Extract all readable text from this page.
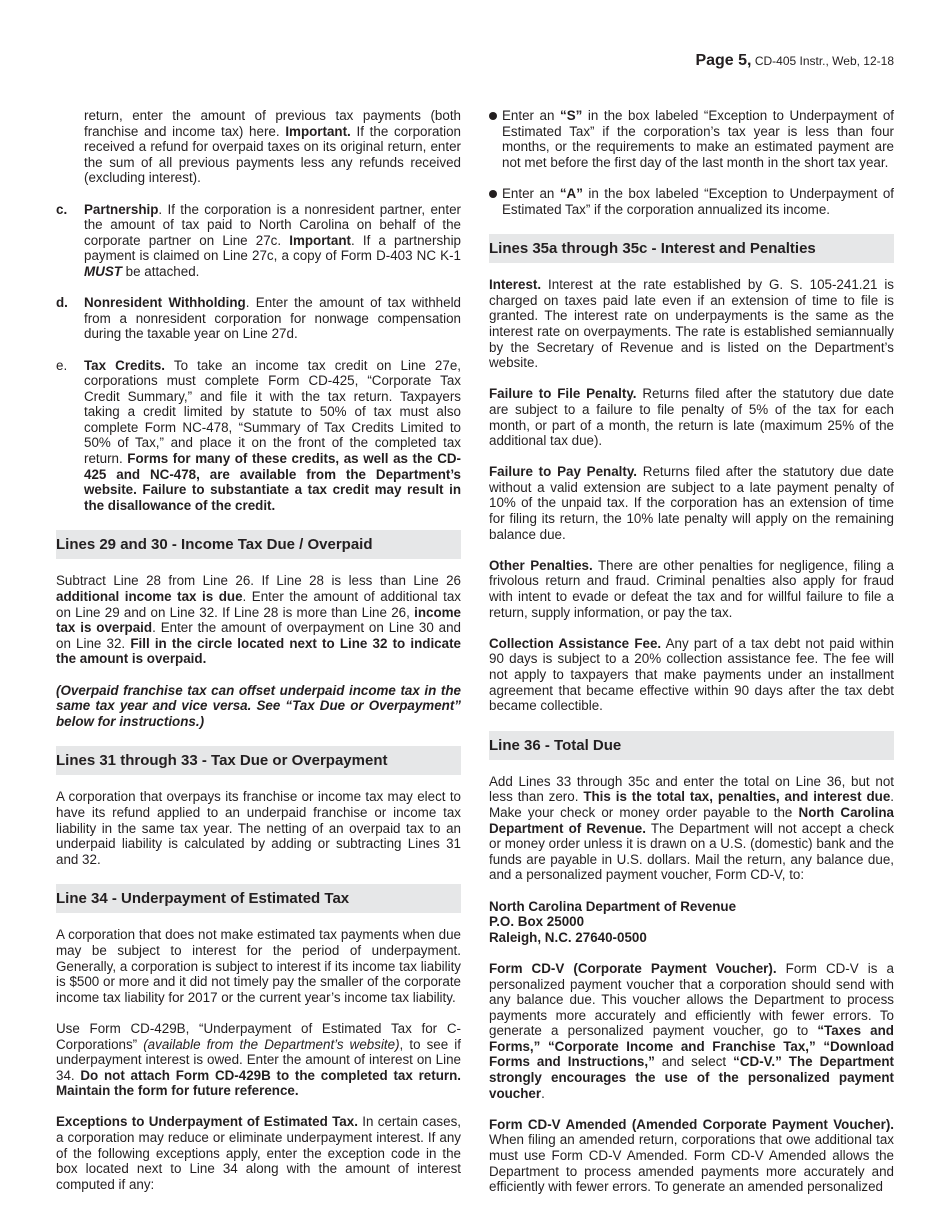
Page 5, CD-405 Instr., Web, 12-18

return, enter the amount of previous tax payments (both franchise and income tax) here. Important. If the corporation received a refund for overpaid taxes on its original return, enter the sum of all previous payments less any refunds received (excluding interest).

c. Partnership. If the corporation is a nonresident partner, enter the amount of tax paid to North Carolina on behalf of the corporate partner on Line 27c. Important. If a partnership payment is claimed on Line 27c, a copy of Form D-403 NC K-1 MUST be attached.

d. Nonresident Withholding. Enter the amount of tax withheld from a nonresident corporation for nonwage compensation during the taxable year on Line 27d.

e. Tax Credits. To take an income tax credit on Line 27e, corporations must complete Form CD-425, “Corporate Tax Credit Summary,” and file it with the tax return. Taxpayers taking a credit limited by statute to 50% of tax must also complete Form NC-478, “Summary of Tax Credits Limited to 50% of Tax,” and place it on the front of the completed tax return. Forms for many of these credits, as well as the CD-425 and NC-478, are available from the Department’s website. Failure to substantiate a tax credit may result in the disallowance of the credit.

Lines 29 and 30 - Income Tax Due / Overpaid

Subtract Line 28 from Line 26. If Line 28 is less than Line 26 additional income tax is due. Enter the amount of additional tax on Line 29 and on Line 32. If Line 28 is more than Line 26, income tax is overpaid. Enter the amount of overpayment on Line 30 and on Line 32. Fill in the circle located next to Line 32 to indicate the amount is overpaid.

(Overpaid franchise tax can offset underpaid income tax in the same tax year and vice versa. See “Tax Due or Overpayment” below for instructions.)

Lines 31 through 33 - Tax Due or Overpayment

A corporation that overpays its franchise or income tax may elect to have its refund applied to an underpaid franchise or income tax liability in the same tax year. The netting of an overpaid tax to an underpaid liability is calculated by adding or subtracting Lines 31 and 32.

Line 34 - Underpayment of Estimated Tax

A corporation that does not make estimated tax payments when due may be subject to interest for the period of underpayment. Generally, a corporation is subject to interest if its income tax liability is $500 or more and it did not timely pay the smaller of the corporate income tax liability for 2017 or the current year’s income tax liability.

Use Form CD-429B, “Underpayment of Estimated Tax for C-Corporations” (available from the Department’s website), to see if underpayment interest is owed. Enter the amount of interest on Line 34. Do not attach Form CD-429B to the completed tax return. Maintain the form for future reference.

Exceptions to Underpayment of Estimated Tax. In certain cases, a corporation may reduce or eliminate underpayment interest. If any of the following exceptions apply, enter the exception code in the box located next to Line 34 along with the amount of interest computed if any:

Enter an “S” in the box labeled “Exception to Underpayment of Estimated Tax” if the corporation’s tax year is less than four months, or the requirements to make an estimated payment are not met before the first day of the last month in the short tax year.

Enter an “A” in the box labeled “Exception to Underpayment of Estimated Tax” if the corporation annualized its income.

Lines 35a through 35c - Interest and Penalties

Interest. Interest at the rate established by G. S. 105-241.21 is charged on taxes paid late even if an extension of time to file is granted. The interest rate on underpayments is the same as the interest rate on overpayments. The rate is established semiannually by the Secretary of Revenue and is listed on the Department’s website.

Failure to File Penalty. Returns filed after the statutory due date are subject to a failure to file penalty of 5% of the tax for each month, or part of a month, the return is late (maximum 25% of the additional tax due).

Failure to Pay Penalty. Returns filed after the statutory due date without a valid extension are subject to a late payment penalty of 10% of the unpaid tax. If the corporation has an extension of time for filing its return, the 10% late penalty will apply on the remaining balance due.

Other Penalties. There are other penalties for negligence, filing a frivolous return and fraud. Criminal penalties also apply for fraud with intent to evade or defeat the tax and for willful failure to file a return, supply information, or pay the tax.

Collection Assistance Fee. Any part of a tax debt not paid within 90 days is subject to a 20% collection assistance fee. The fee will not apply to taxpayers that make payments under an installment agreement that became effective within 90 days after the tax debt became collectible.

Line 36 - Total Due

Add Lines 33 through 35c and enter the total on Line 36, but not less than zero. This is the total tax, penalties, and interest due. Make your check or money order payable to the North Carolina Department of Revenue. The Department will not accept a check or money order unless it is drawn on a U.S. (domestic) bank and the funds are payable in U.S. dollars. Mail the return, any balance due, and a personalized payment voucher, Form CD-V, to:

North Carolina Department of Revenue

P.O. Box 25000

Raleigh, N.C. 27640-0500

Form CD-V (Corporate Payment Voucher). Form CD-V is a personalized payment voucher that a corporation should send with any balance due. This voucher allows the Department to process payments more accurately and efficiently with fewer errors. To generate a personalized payment voucher, go to “Taxes and Forms,” “Corporate Income and Franchise Tax,” “Download Forms and Instructions,” and select “CD-V.” The Department strongly encourages the use of the personalized payment voucher.

Form CD-V Amended (Amended Corporate Payment Voucher). When filing an amended return, corporations that owe additional tax must use Form CD-V Amended. Form CD-V Amended allows the Department to process amended payments more accurately and efficiently with fewer errors. To generate an amended personalized
